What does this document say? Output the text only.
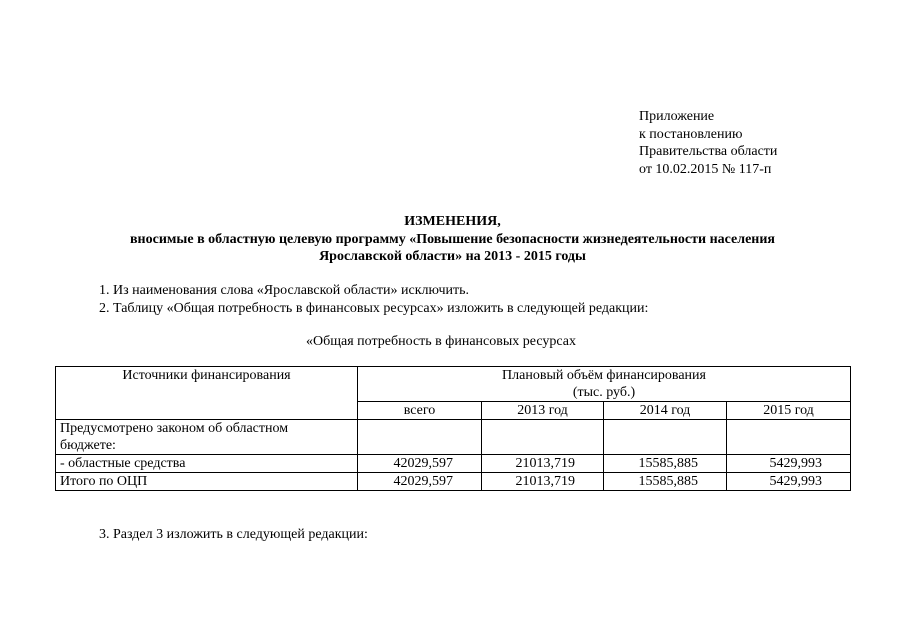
Приложение
к постановлению
Правительства области
от 10.02.2015 № 117-п
ИЗМЕНЕНИЯ,
вносимые в областную целевую программу «Повышение безопасности жизнедеятельности населения
Ярославской области» на 2013 - 2015 годы
1. Из наименования слова «Ярославской области» исключить.
2. Таблицу «Общая потребность в финансовых ресурсах» изложить в следующей редакции:
«Общая потребность в финансовых ресурсах
Источники финансирования	Плановый объём финансирования
(тыс. руб.)			

	всего	2013 год	2014 год	2015 год

Предусмотрено законом об областном
бюджете:				

- областные средства	42029,597	21013,719	15585,885	5429,993
Итого по ОЦП	42029,597	21013,719	15585,885	5429,993
3. Раздел 3 изложить в следующей редакции:
